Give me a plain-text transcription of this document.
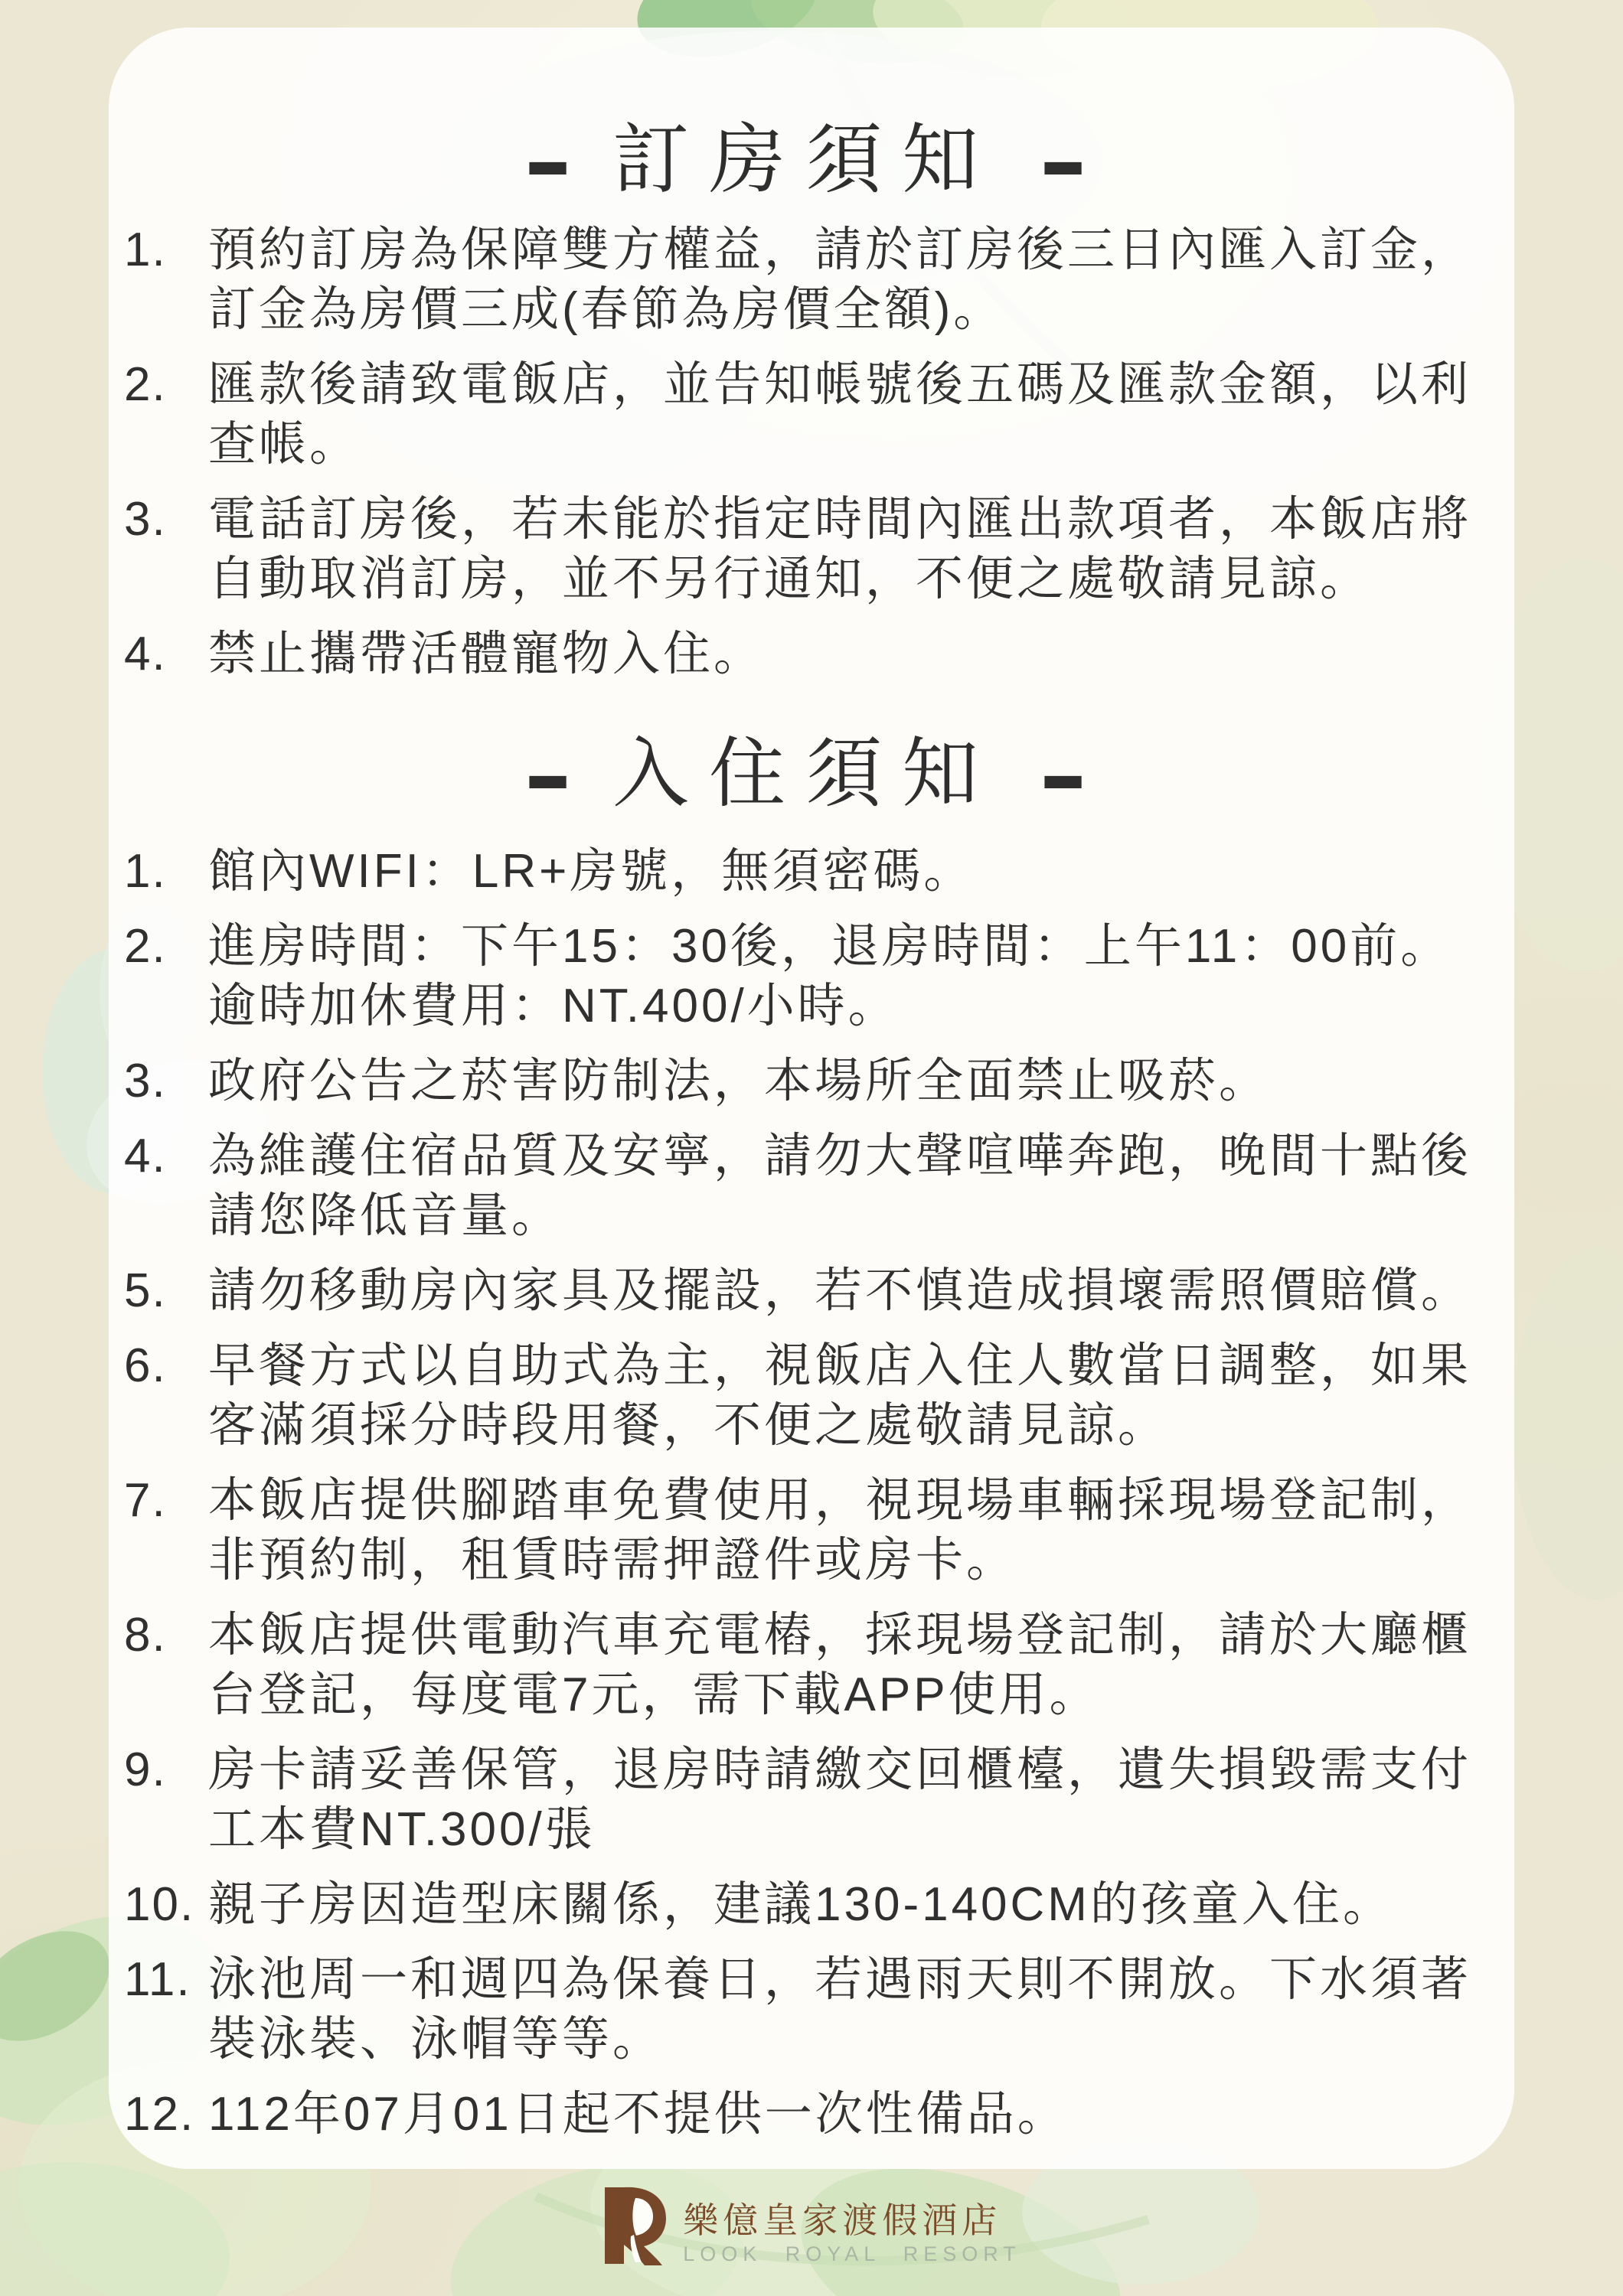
- 訂房須知 -
1. 預約訂房為保障雙方權益，請於訂房後三日內匯入訂金，訂金為房價三成(春節為房價全額)。
2. 匯款後請致電飯店，並告知帳號後五碼及匯款金額，以利查帳。
3. 電話訂房後，若未能於指定時間內匯出款項者，本飯店將自動取消訂房，並不另行通知，不便之處敬請見諒。
4. 禁止攜帶活體寵物入住。
- 入住須知 -
1. 館內WIFI：LR+房號，無須密碼。
2. 進房時間：下午15：30後，退房時間：上午11：00前。逾時加休費用：NT.400/小時。
3. 政府公告之菸害防制法，本場所全面禁止吸菸。
4. 為維護住宿品質及安寧，請勿大聲喧嘩奔跑，晚間十點後請您降低音量。
5. 請勿移動房內家具及擺設，若不慎造成損壞需照價賠償。
6. 早餐方式以自助式為主，視飯店入住人數當日調整，如果客滿須採分時段用餐，不便之處敬請見諒。
7. 本飯店提供腳踏車免費使用，視現場車輛採現場登記制，非預約制，租賃時需押證件或房卡。
8. 本飯店提供電動汽車充電樁，採現場登記制，請於大廳櫃台登記，每度電7元，需下載APP使用。
9. 房卡請妥善保管，退房時請繳交回櫃檯，遺失損毀需支付工本費NT.300/張
10. 親子房因造型床關係，建議130-140CM的孩童入住。
11. 泳池周一和週四為保養日，若遇雨天則不開放。下水須著裝泳裝、泳帽等等。
12. 112年07月01日起不提供一次性備品。
樂億皇家渡假酒店
LOOK ROYAL RESORT
